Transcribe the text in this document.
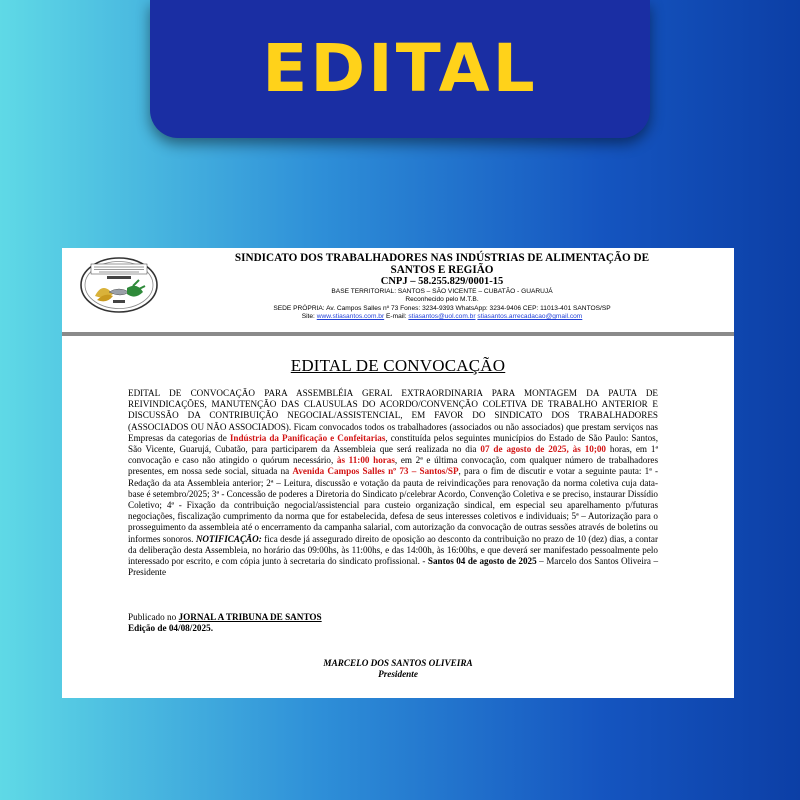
EDITAL
SINDICATO DOS TRABALHADORES NAS INDÚSTRIAS DE ALIMENTAÇÃO DE
SANTOS E REGIÃO
CNPJ – 58.255.829/0001-15
BASE TERRITORIAL: SANTOS – SÃO VICENTE – CUBATÃO - GUARUJÁ
Reconhecido pelo M.T.B.
SEDE PRÓPRIA: Av. Campos Salles nº 73 Fones: 3234-9393 WhatsApp: 3234-9406 CEP: 11013-401 SANTOS/SP
Site: www.stiasantos.com.br E-mail: stiasantos@uol.com.br stiasantos.arrecadacao@gmail.com
EDITAL DE CONVOCAÇÃO
EDITAL DE CONVOCAÇÃO PARA ASSEMBLÉIA GERAL EXTRAORDINARIA PARA MONTAGEM DA PAUTA DE REIVINDICAÇÕES, MANUTENÇÃO DAS CLAUSULAS DO ACORDO/CONVENÇÃO COLETIVA DE TRABALHO ANTERIOR E DISCUSSÃO DA CONTRIBUIÇÃO NEGOCIAL/ASSISTENCIAL, EM FAVOR DO SINDICATO DOS TRABALHADORES (ASSOCIADOS OU NÃO ASSOCIADOS). Ficam convocados todos os trabalhadores (associados ou não associados) que prestam serviços nas Empresas da categorias de Indústria da Panificação e Confeitarias, constituída pelos seguintes municípios do Estado de São Paulo: Santos, São Vicente, Guarujá, Cubatão, para participarem da Assembleia que será realizada no dia 07 de agosto de 2025, às 10;00 horas, em 1ª convocação e caso não atingido o quórum necessário, às 11:00 horas, em 2ª e última convocação, com qualquer número de trabalhadores presentes, em nossa sede social, situada na Avenida Campos Salles nº 73 – Santos/SP, para o fim de discutir e votar a seguinte pauta: 1ª - Redação da ata Assembleia anterior; 2ª – Leitura, discussão e votação da pauta de reivindicações para renovação da norma coletiva cuja data-base é setembro/2025; 3ª - Concessão de poderes a Diretoria do Sindicato p/celebrar Acordo, Convenção Coletiva e se preciso, instaurar Dissídio Coletivo; 4ª - Fixação da contribuição negocial/assistencial para custeio organização sindical, em especial seu aparelhamento p/futuras negociações, fiscalização cumprimento da norma que for estabelecida, defesa de seus interesses coletivos e individuais; 5ª – Autorização para o prosseguimento da assembleia até o encerramento da campanha salarial, com autorização da convocação de outras sessões através de boletins ou informes sonoros. NOTIFICAÇÃO: fica desde já assegurado direito de oposição ao desconto da contribuição no prazo de 10 (dez) dias, a contar da deliberação desta Assembleia, no horário das 09:00hs, às 11:00hs, e das 14:00h, às 16:00hs, e que deverá ser manifestado pessoalmente pelo interessado por escrito, e com cópia junto à secretaria do sindicato profissional. - Santos 04 de agosto de 2025 – Marcelo dos Santos Oliveira – Presidente
Publicado no JORNAL A TRIBUNA DE SANTOS
Edição de 04/08/2025.
MARCELO DOS SANTOS OLIVEIRA
Presidente
